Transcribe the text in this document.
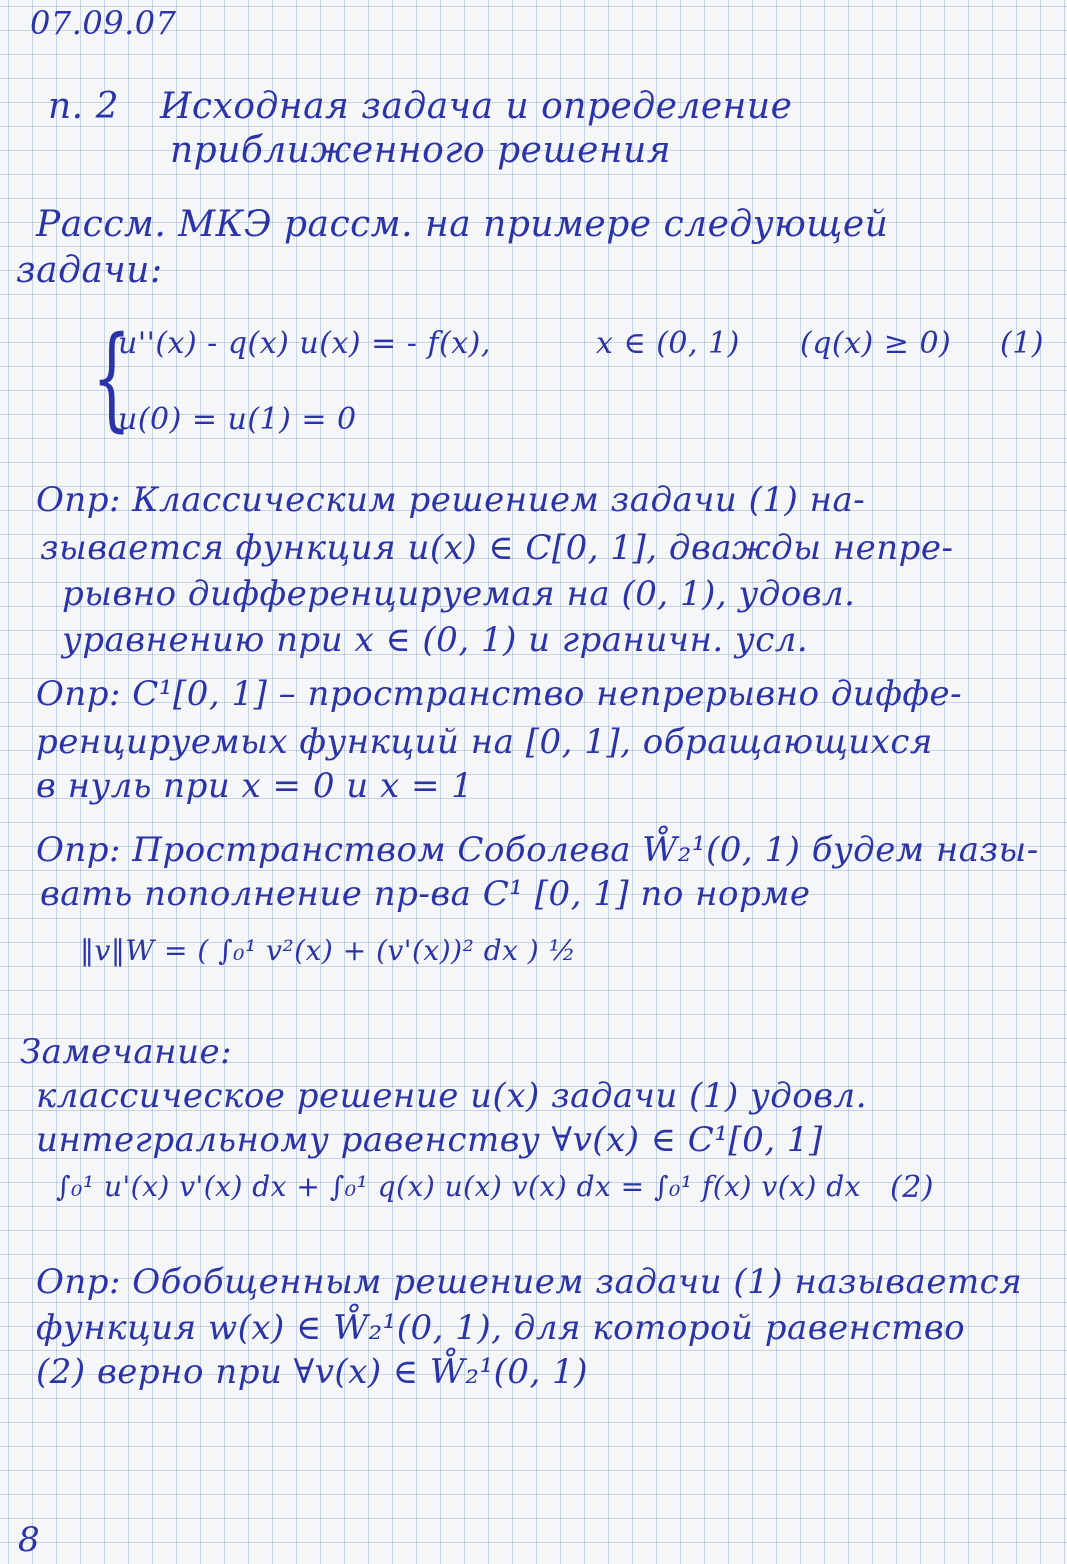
07.09.07
п. 2 Исходная задача и определение
приближенного решения
Рассм. МКЭ рассм. на примере следующей
задачи:
{
u''(x) - q(x) u(x) = - f(x),	x ∈ (0, 1) (q(x) ≥ 0) (1)
u(0) = u(1) = 0
Опр: Классическим решением задачи (1) на-
зывается функция u(x) ∈ C[0, 1], дважды непре-
рывно дифференцируемая на (0, 1), удовл.
уравнению при x ∈ (0, 1) и граничн. усл.
Опр: C¹[0, 1] – пространство непрерывно диффе-
ренцируемых функций на [0, 1], обращающихся
в нуль при x = 0 и x = 1
Опр: Пространством Соболева W̊₂¹(0, 1) будем назы-
вать пополнение пр-ва C¹ [0, 1] по норме
‖v‖W = ( ∫₀¹ v²(x) + (v'(x))² dx ) ½
Замечание:
классическое решение u(x) задачи (1) удовл.
интегральному равенству ∀v(x) ∈ C¹[0, 1]
∫₀¹ u'(x) v'(x) dx + ∫₀¹ q(x) u(x) v(x) dx = ∫₀¹ f(x) v(x) dx (2)
Опр: Обобщенным решением задачи (1) называется
функция w(x) ∈ W̊₂¹(0, 1), для которой равенство
(2) верно при ∀v(x) ∈ W̊₂¹(0, 1)
8
